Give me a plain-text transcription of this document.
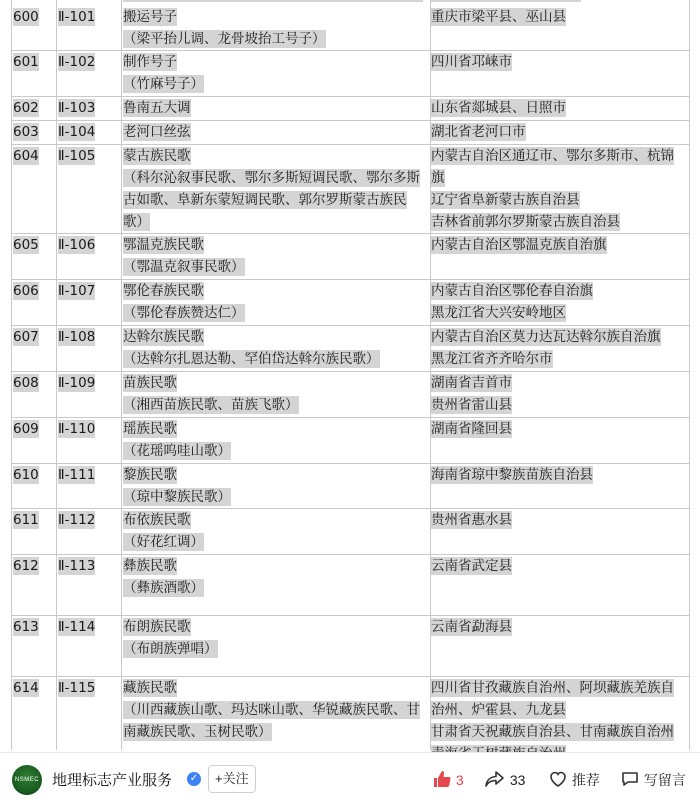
600 Ⅱ-101 搬运号子
（梁平抬儿调、龙骨坡抬工号子）
重庆市梁平县、巫山县
601 Ⅱ-102 制作号子
（竹麻号子）
四川省邛崃市
602 Ⅱ-103 鲁南五大调	山东省郯城县、日照市
603 Ⅱ-104 老河口丝弦	湖北省老河口市
604 Ⅱ-105 蒙古族民歌
（科尔沁叙事民歌、鄂尔多斯短调民歌、鄂尔多斯
古如歌、阜新东蒙短调民歌、郭尔罗斯蒙古族民
歌）
内蒙古自治区通辽市、鄂尔多斯市、杭锦
旗
辽宁省阜新蒙古族自治县
吉林省前郭尔罗斯蒙古族自治县
605 Ⅱ-106 鄂温克族民歌
（鄂温克叙事民歌）
内蒙古自治区鄂温克族自治旗
606 Ⅱ-107 鄂伦春族民歌
（鄂伦春族赞达仁）
内蒙古自治区鄂伦春自治旗
黑龙江省大兴安岭地区
607 Ⅱ-108 达斡尔族民歌
（达斡尔扎恩达勒、罕伯岱达斡尔族民歌）
内蒙古自治区莫力达瓦达斡尔族自治旗
黑龙江省齐齐哈尔市
608 Ⅱ-109 苗族民歌
（湘西苗族民歌、苗族飞歌）
湖南省吉首市
贵州省雷山县
609 Ⅱ-110 瑶族民歌
（花瑶呜哇山歌）
湖南省隆回县
610 Ⅱ-111 黎族民歌
（琼中黎族民歌）
海南省琼中黎族苗族自治县
611 Ⅱ-112 布依族民歌
（好花红调）
贵州省惠水县
612 Ⅱ-113 彝族民歌
（彝族酒歌）
云南省武定县
613 Ⅱ-114 布朗族民歌
（布朗族弹唱）
云南省勐海县
614 Ⅱ-115 藏族民歌
（川西藏族山歌、玛达咪山歌、华锐藏族民歌、甘
南藏族民歌、玉树民歌）
四川省甘孜藏族自治州、阿坝藏族羌族自
治州、炉霍县、九龙县
甘肃省天祝藏族自治县、甘南藏族自治州
NSMEC 地理标志产业服务 ✓	+关注	3	33	推荐	写留言
